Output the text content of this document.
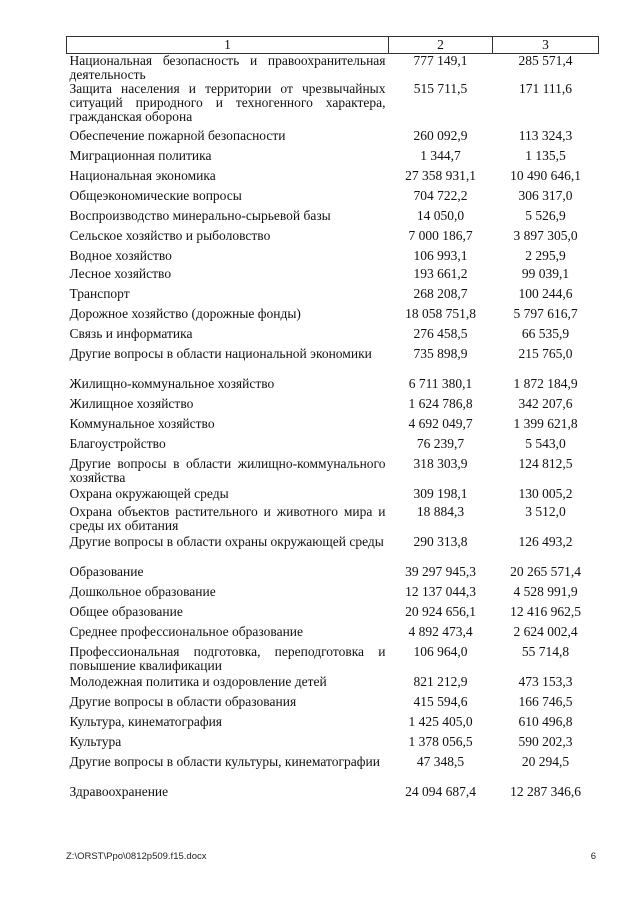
1	2	3
Национальная безопасность и правоохранительная деятельность	777 149,1	285 571,4
Защита населения и территории от чрезвычайных ситуаций природного и техногенного характера, гражданская оборона	515 711,5	171 111,6
Обеспечение пожарной безопасности	260 092,9	113 324,3
Миграционная политика	1 344,7	1 135,5
Национальная экономика	27 358 931,1	10 490 646,1
Общеэкономические вопросы	704 722,2	306 317,0
Воспроизводство минерально-сырьевой базы	14 050,0	5 526,9
Сельское хозяйство и рыболовство	7 000 186,7	3 897 305,0
Водное хозяйство	106 993,1	2 295,9
Лесное хозяйство	193 661,2	99 039,1
Транспорт	268 208,7	100 244,6
Дорожное хозяйство (дорожные фонды)	18 058 751,8	5 797 616,7
Связь и информатика	276 458,5	66 535,9
Другие вопросы в области национальной экономики	735 898,9	215 765,0
Жилищно-коммунальное хозяйство	6 711 380,1	1 872 184,9
Жилищное хозяйство	1 624 786,8	342 207,6
Коммунальное хозяйство	4 692 049,7	1 399 621,8
Благоустройство	76 239,7	5 543,0
Другие вопросы в области жилищно-коммунального хозяйства	318 303,9	124 812,5
Охрана окружающей среды	309 198,1	130 005,2
Охрана объектов растительного и животного мира и среды их обитания	18 884,3	3 512,0
Другие вопросы в области охраны окружающей среды	290 313,8	126 493,2
Образование	39 297 945,3	20 265 571,4
Дошкольное образование	12 137 044,3	4 528 991,9
Общее образование	20 924 656,1	12 416 962,5
Среднее профессиональное образование	4 892 473,4	2 624 002,4
Профессиональная подготовка, переподготовка и повышение квалификации	106 964,0	55 714,8
Молодежная политика и оздоровление детей	821 212,9	473 153,3
Другие вопросы в области образования	415 594,6	166 746,5
Культура, кинематография	1 425 405,0	610 496,8
Культура	1 378 056,5	590 202,3
Другие вопросы в области культуры, кинематографии	47 348,5	20 294,5
Здравоохранение	24 094 687,4	12 287 346,6
Z:\ORST\Ppo\0812p509.f15.docx	6
